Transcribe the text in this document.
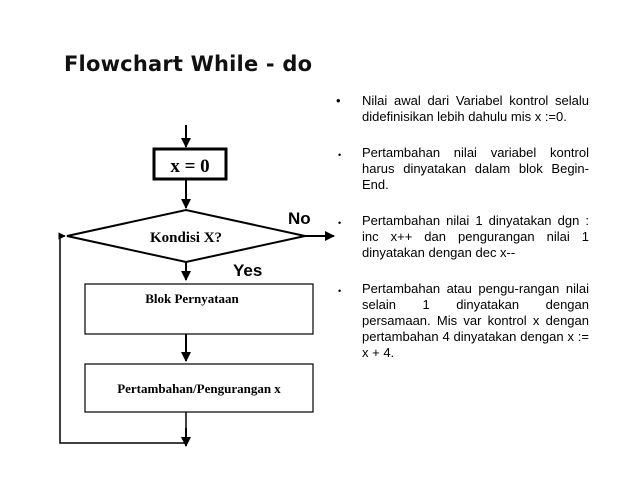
Flowchart While - do
x = 0
Kondisi X?
No
Yes
Blok Pernyataan
Pertambahan/Pengurangan x
• Nilai awal dari Variabel kontrol selalu didefinisikan lebih dahulu mis x :=0.
• Pertambahan nilai variabel kontrol harus dinyatakan dalam blok Begin-End.
• Pertambahan nilai 1 dinyatakan dgn : inc x++ dan pengurangan nilai 1 dinyatakan dengan dec x--
• Pertambahan atau pengu-rangan nilai selain 1 dinyatakan dengan persamaan. Mis var kontrol x dengan pertambahan 4 dinyatakan dengan x := x + 4.
